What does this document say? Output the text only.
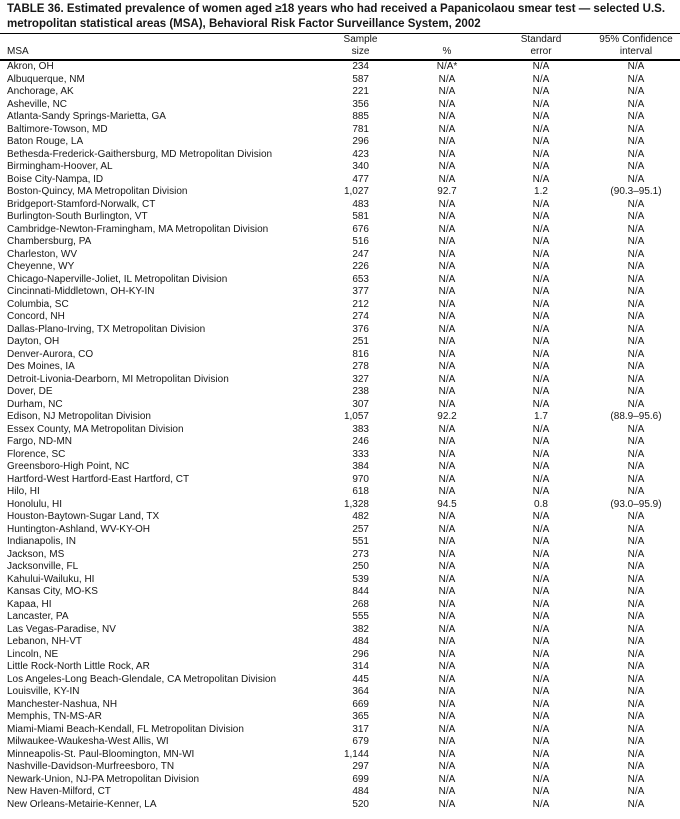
TABLE 36. Estimated prevalence of women aged ≥18 years who had received a Papanicolaou smear test — selected U.S.
metropolitan statistical areas (MSA), Behavioral Risk Factor Surveillance System, 2002
	Sample		Standard	95% Confidence
MSA	size	%	error	interval
Akron, OH	234	N/A*	N/A	N/A
Albuquerque, NM	587	N/A	N/A	N/A
Anchorage, AK	221	N/A	N/A	N/A
Asheville, NC	356	N/A	N/A	N/A
Atlanta-Sandy Springs-Marietta, GA	885	N/A	N/A	N/A
Baltimore-Towson, MD	781	N/A	N/A	N/A
Baton Rouge, LA	296	N/A	N/A	N/A
Bethesda-Frederick-Gaithersburg, MD Metropolitan Division	423	N/A	N/A	N/A
Birmingham-Hoover, AL	340	N/A	N/A	N/A
Boise City-Nampa, ID	477	N/A	N/A	N/A
Boston-Quincy, MA Metropolitan Division	1,027	92.7	1.2	(90.3–95.1)
Bridgeport-Stamford-Norwalk, CT	483	N/A	N/A	N/A
Burlington-South Burlington, VT	581	N/A	N/A	N/A
Cambridge-Newton-Framingham, MA Metropolitan Division	676	N/A	N/A	N/A
Chambersburg, PA	516	N/A	N/A	N/A
Charleston, WV	247	N/A	N/A	N/A
Cheyenne, WY	226	N/A	N/A	N/A
Chicago-Naperville-Joliet, IL Metropolitan Division	653	N/A	N/A	N/A
Cincinnati-Middletown, OH-KY-IN	377	N/A	N/A	N/A
Columbia, SC	212	N/A	N/A	N/A
Concord, NH	274	N/A	N/A	N/A
Dallas-Plano-Irving, TX Metropolitan Division	376	N/A	N/A	N/A
Dayton, OH	251	N/A	N/A	N/A
Denver-Aurora, CO	816	N/A	N/A	N/A
Des Moines, IA	278	N/A	N/A	N/A
Detroit-Livonia-Dearborn, MI Metropolitan Division	327	N/A	N/A	N/A
Dover, DE	238	N/A	N/A	N/A
Durham, NC	307	N/A	N/A	N/A
Edison, NJ Metropolitan Division	1,057	92.2	1.7	(88.9–95.6)
Essex County, MA Metropolitan Division	383	N/A	N/A	N/A
Fargo, ND-MN	246	N/A	N/A	N/A
Florence, SC	333	N/A	N/A	N/A
Greensboro-High Point, NC	384	N/A	N/A	N/A
Hartford-West Hartford-East Hartford, CT	970	N/A	N/A	N/A
Hilo, HI	618	N/A	N/A	N/A
Honolulu, HI	1,328	94.5	0.8	(93.0–95.9)
Houston-Baytown-Sugar Land, TX	482	N/A	N/A	N/A
Huntington-Ashland, WV-KY-OH	257	N/A	N/A	N/A
Indianapolis, IN	551	N/A	N/A	N/A
Jackson, MS	273	N/A	N/A	N/A
Jacksonville, FL	250	N/A	N/A	N/A
Kahului-Wailuku, HI	539	N/A	N/A	N/A
Kansas City, MO-KS	844	N/A	N/A	N/A
Kapaa, HI	268	N/A	N/A	N/A
Lancaster, PA	555	N/A	N/A	N/A
Las Vegas-Paradise, NV	382	N/A	N/A	N/A
Lebanon, NH-VT	484	N/A	N/A	N/A
Lincoln, NE	296	N/A	N/A	N/A
Little Rock-North Little Rock, AR	314	N/A	N/A	N/A
Los Angeles-Long Beach-Glendale, CA Metropolitan Division	445	N/A	N/A	N/A
Louisville, KY-IN	364	N/A	N/A	N/A
Manchester-Nashua, NH	669	N/A	N/A	N/A
Memphis, TN-MS-AR	365	N/A	N/A	N/A
Miami-Miami Beach-Kendall, FL Metropolitan Division	317	N/A	N/A	N/A
Milwaukee-Waukesha-West Allis, WI	679	N/A	N/A	N/A
Minneapolis-St. Paul-Bloomington, MN-WI	1,144	N/A	N/A	N/A
Nashville-Davidson-Murfreesboro, TN	297	N/A	N/A	N/A
Newark-Union, NJ-PA Metropolitan Division	699	N/A	N/A	N/A
New Haven-Milford, CT	484	N/A	N/A	N/A
New Orleans-Metairie-Kenner, LA	520	N/A	N/A	N/A
